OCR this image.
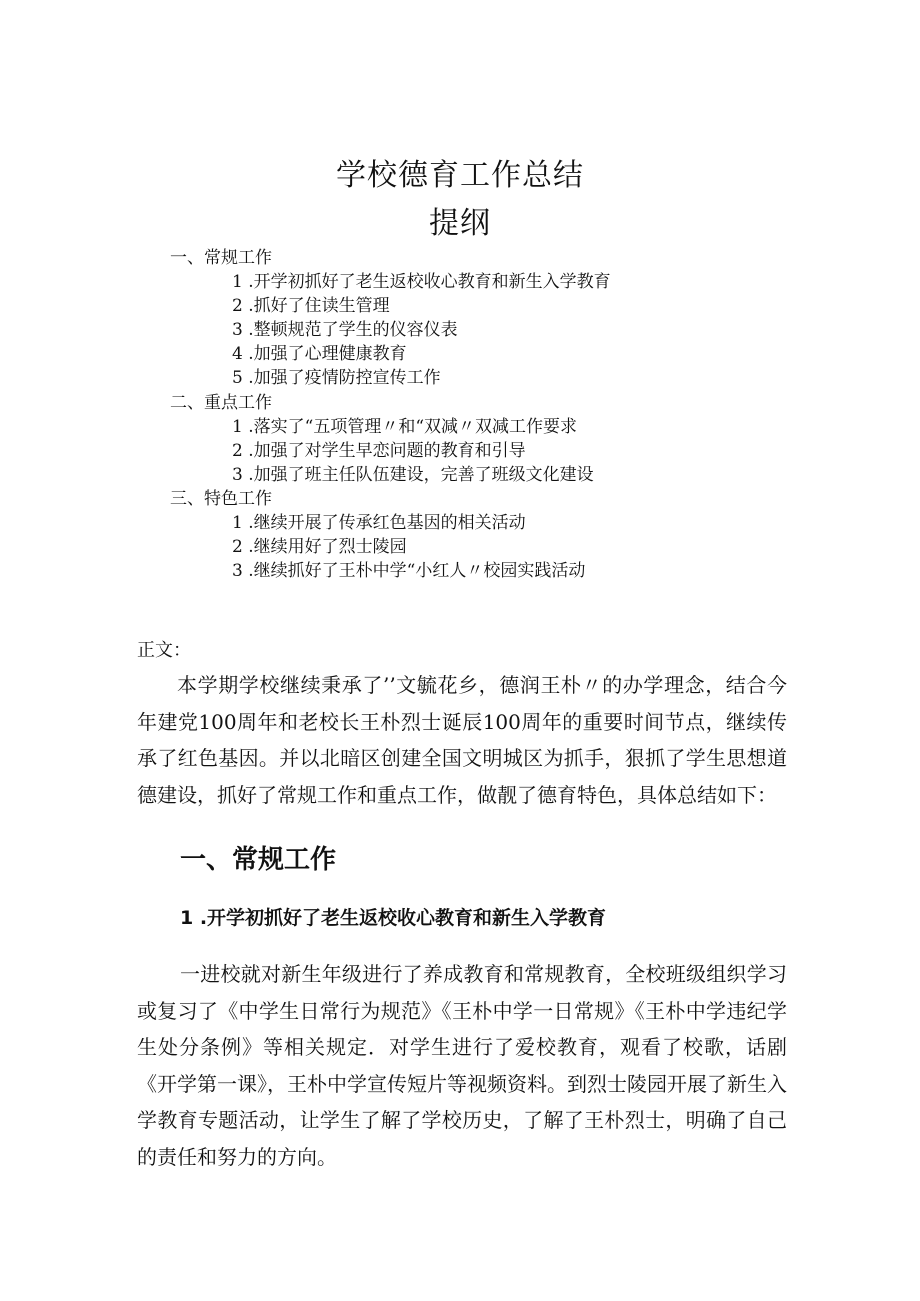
学校德育工作总结
提纲
一、常规工作
1 .开学初抓好了老生返校收心教育和新生入学教育
2 .抓好了住读生管理
3 .整顿规范了学生的仪容仪表
4 .加强了心理健康教育
5 .加强了疫情防控宣传工作
二、重点工作
1 .落实了“五项管理〃和“双减〃双减工作要求
2 .加强了对学生早恋问题的教育和引导
3 .加强了班主任队伍建设，完善了班级文化建设
三、特色工作
1 .继续开展了传承红色基因的相关活动
2 .继续用好了烈士陵园
3 .继续抓好了王朴中学“小红人〃校园实践活动
正文：
本学期学校继续秉承了’’文毓花乡，德润王朴〃的办学理念，结合今年建党100周年和老校长王朴烈士诞辰100周年的重要时间节点，继续传承了红色基因。并以北暗区创建全国文明城区为抓手，狠抓了学生思想道德建设，抓好了常规工作和重点工作，做靓了德育特色，具体总结如下：
一、常规工作
1 .开学初抓好了老生返校收心教育和新生入学教育
一进校就对新生年级进行了养成教育和常规教育，全校班级组织学习或复习了《中学生日常行为规范》《王朴中学一日常规》《王朴中学违纪学生处分条例》等相关规定．对学生进行了爱校教育，观看了校歌，话剧《开学第一课》，王朴中学宣传短片等视频资料。到烈士陵园开展了新生入学教育专题活动，让学生了解了学校历史，了解了王朴烈士，明确了自己的责任和努力的方向。
